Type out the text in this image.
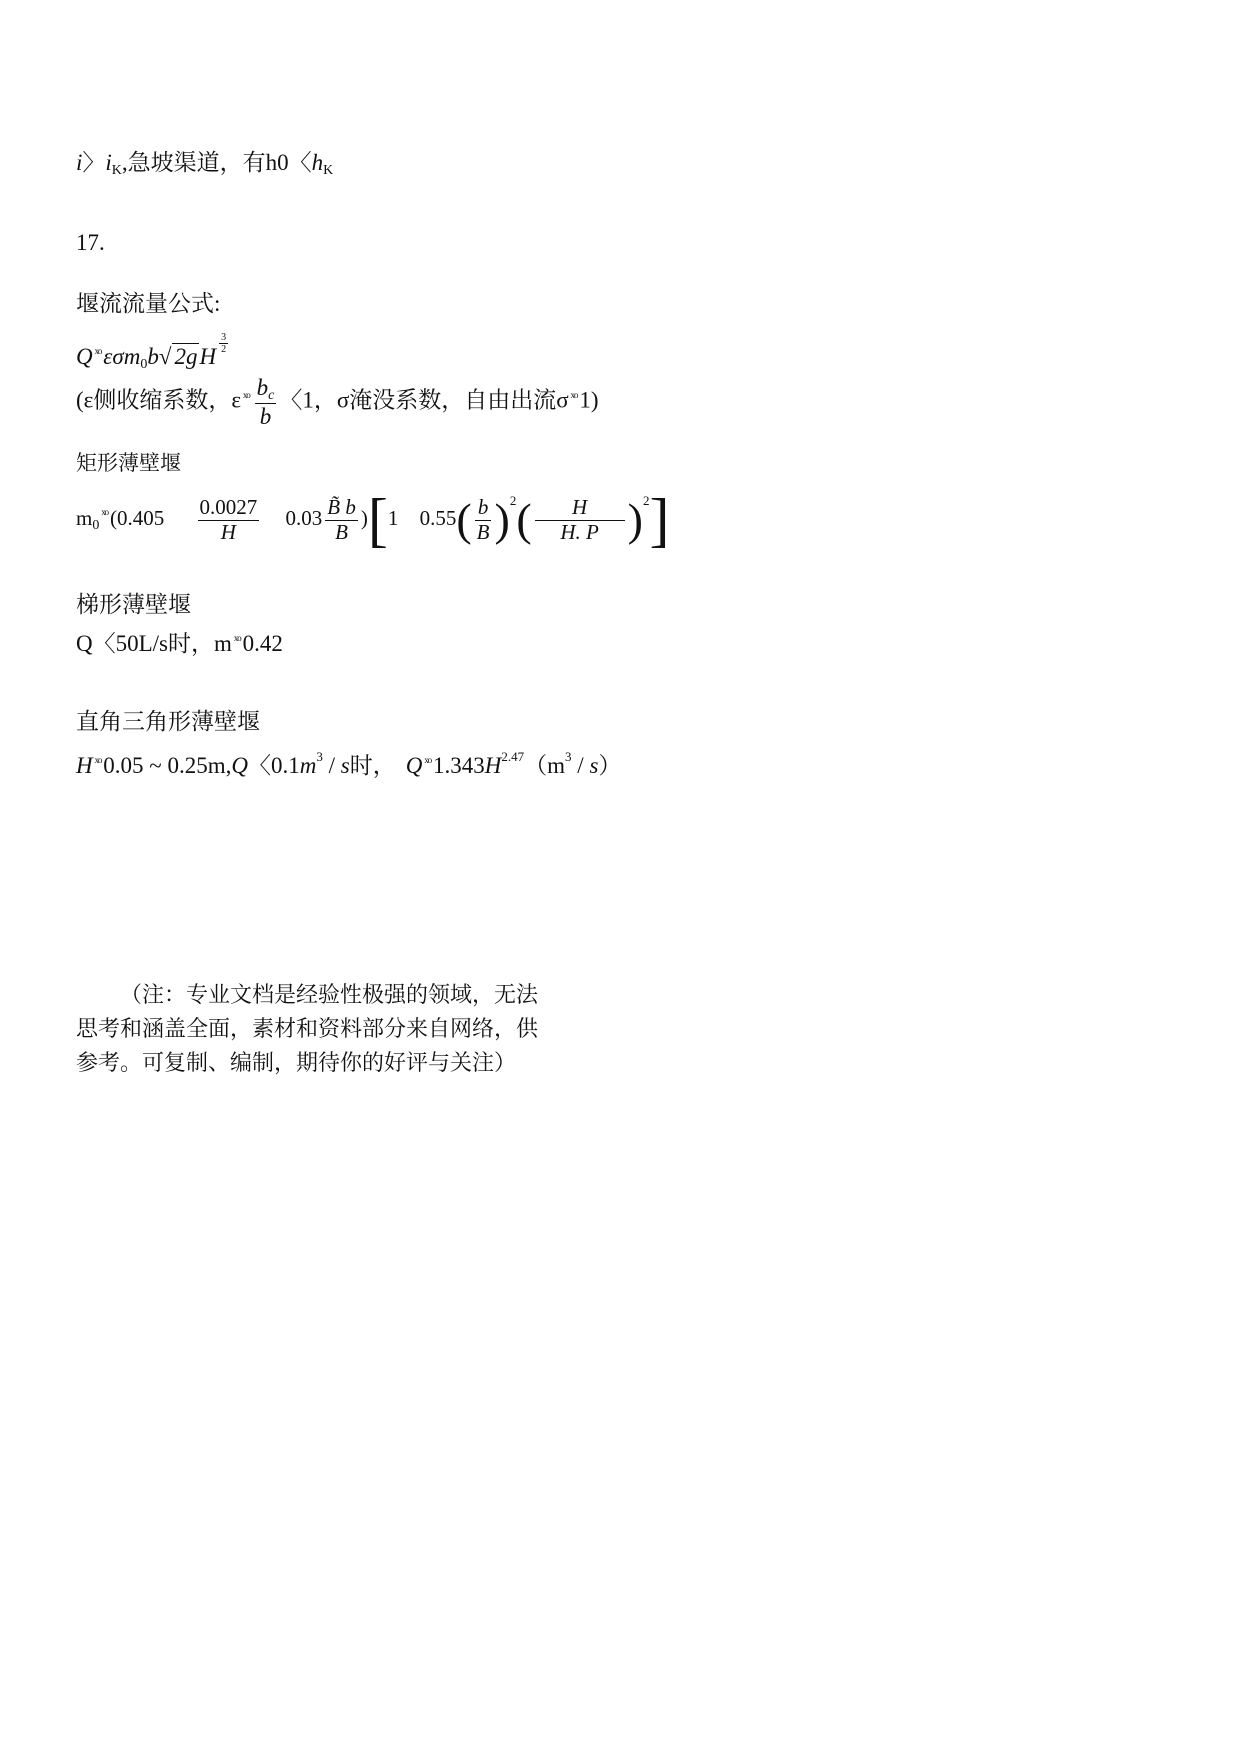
i〉$i_K$,急坡渠道，有h0〈$h_K$
17.
堰流流量公式:
Q $^{ˣᵒ}$εσm$_0$b√ 2gH
$\frac{3}{2}$
(ε侧收缩系数，ε $^{ˣᵒ} \frac{b_c}{b}$ 〈1，σ淹没系数，自由出流σ $^{ˣᵒ}$1)
矩形薄壁堰
$m_0^{ˣᵒ}(0.405 \frac{0.0027}{H} 0.03 \frac{B̃ b}{B} )[1$ $0.55( \frac{b}{B} )^2( \frac{H}{H. P} )^2$]
梯形薄壁堰
Q〈50L/s时，m $^{ˣᵒ}$0.42
直角三角形薄壁堰
H $^{ˣᵒ}$0.05 ~ 0.25m,Q〈$0.1m^3$ / s时， Q $^{ˣᵒ}1.343H^{2.47}(m^3 / s)$

（注：专业文档是经验性极强的领域，无法

思考和涵盖全面，素材和资料部分来自网络，供

参考。可复制、编制，期待你的好评与关注）
